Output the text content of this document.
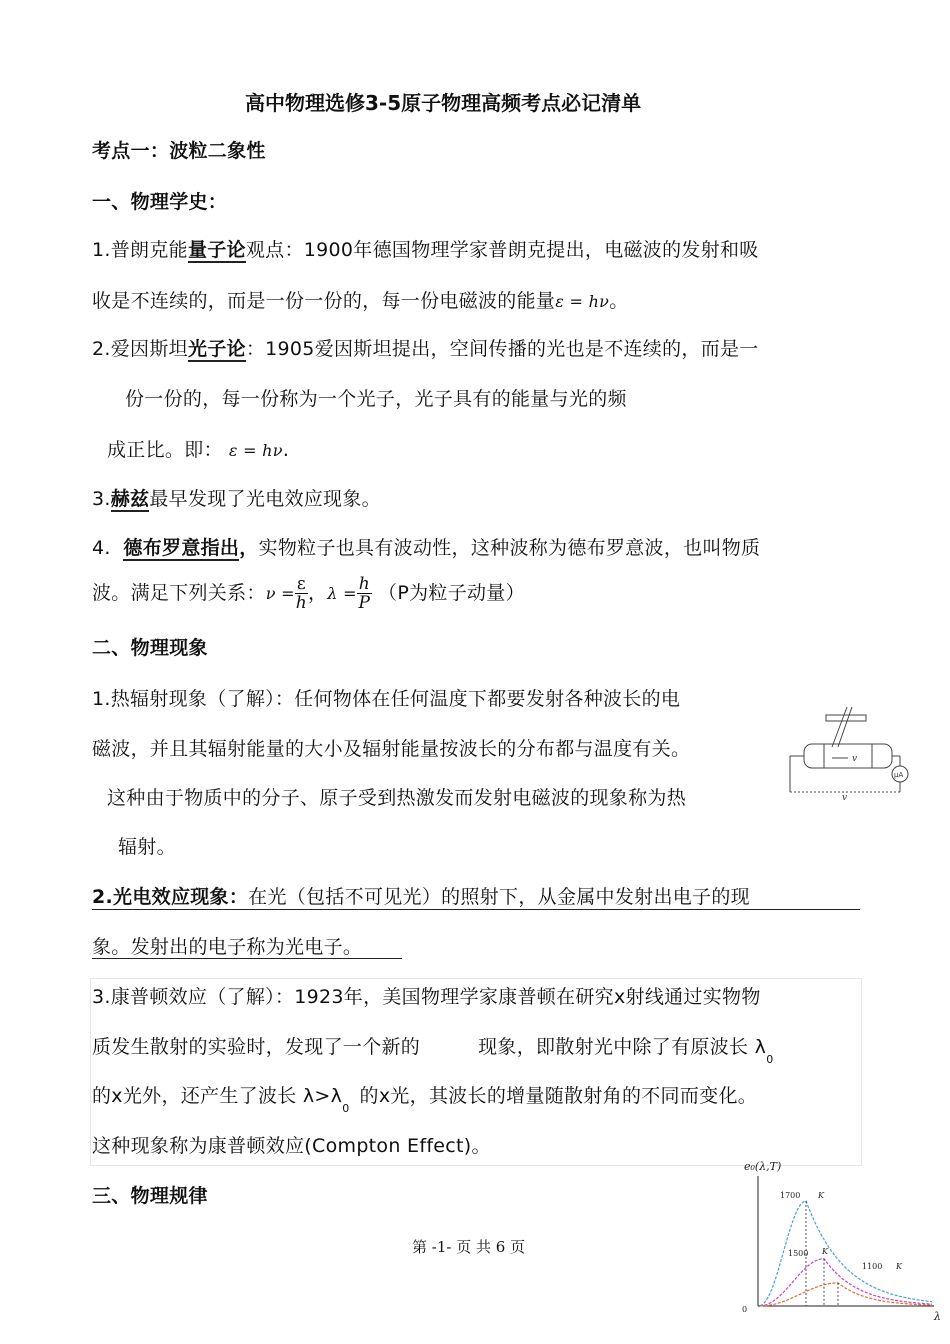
高中物理选修3-5原子物理高频考点必记清单
考点一：波粒二象性
一、物理学史：
1.普朗克能量子论观点：1900年德国物理学家普朗克提出，电磁波的发射和吸
收是不连续的，而是一份一份的，每一份电磁波的能量ε = hν。
2.爱因斯坦光子论：1905爱因斯坦提出，空间传播的光也是不连续的，而是一
份一份的，每一份称为一个光子，光子具有的能量与光的频
成正比。即： ε = hν.
3.赫兹最早发现了光电效应现象。
4. 德布罗意指出，实物粒子也具有波动性，这种波称为德布罗意波，也叫物质
波。满足下列关系：$\nu = \frac{\varepsilon}{h}$ ，$\lambda = \frac{h}{P} (P$为粒子动量）
二、物理现象
1.热辐射现象（了解）：任何物体在任何温度下都要发射各种波长的电
磁波，并且其辐射能量的大小及辐射能量按波长的分布都与温度有关。
这种由于物质中的分子、原子受到热激发而发射电磁波的现象称为热
辐射。
v
v
μA
2.光电效应现象：在光（包括不可见光）的照射下，从金属中发射出电子的现
象。发射出的电子称为光电子。
3.康普顿效应（了解）：1923年，美国物理学家康普顿在研究x射线通过实物物
质发生散射的实验时，发现了一个新的	现象，即散射光中除了有原波长 $\lambda_0$
的x光外，还产生了波长 $\lambda>\lambda_0$的x光，其波长的增量随散射角的不同而变化。
这种现象称为康普顿效应(Compton Effect)。
三、物理规律
第 -1- 页 共 6 页
e₀(λ,T)
0
λ
1700 K
1500 K
1100 K
